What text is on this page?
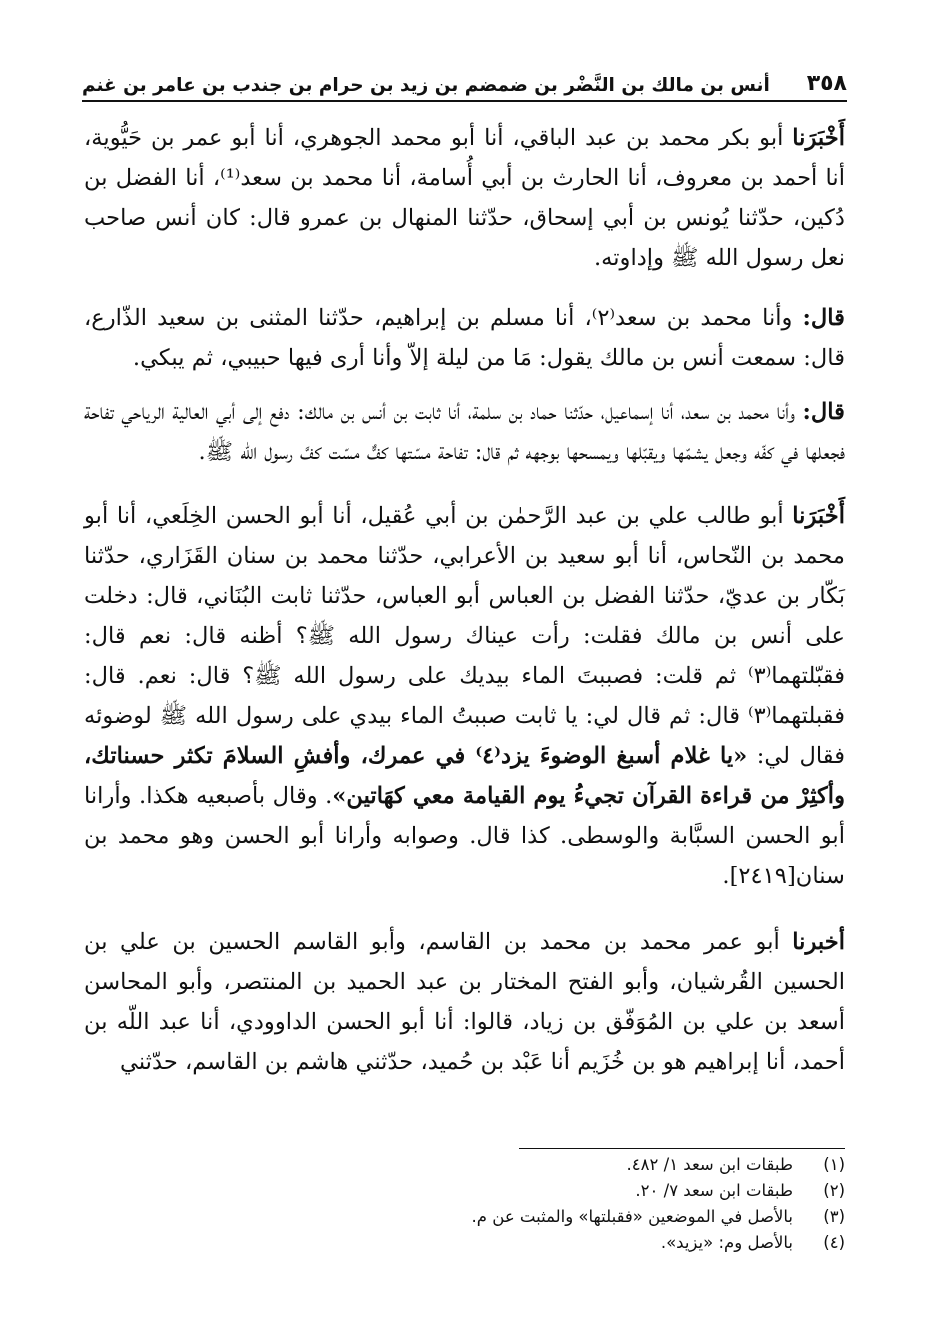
٣٥٨
أنس بن مالك بن النَّضْر بن ضمضم بن زيد بن حرام بن جندب بن عامر بن غنم

أَخْبَرَنا أبو بكر محمد بن عبد الباقي، أنا أبو محمد الجوهري، أنا أبو عمر بن حَيُّوية، أنا أحمد بن معروف، أنا الحارث بن أبي أُسامة، أنا محمد بن سعد⁽¹⁾، أنا الفضل بن دُكين، حدّثنا يُونس بن أبي إسحاق، حدّثنا المنهال بن عمرو قال: كان أنس صاحب نعل رسول الله ﷺ وإداوته.

قال: وأنا محمد بن سعد⁽٢⁾، أنا مسلم بن إبراهيم، حدّثنا المثنى بن سعيد الذّارع، قال: سمعت أنس بن مالك يقول: مَا من ليلة إلاّ وأنا أرى فيها حبيبي، ثم يبكي.

قال: وأنا محمد بن سعد، أنا إسماعيل، حدّثنا حماد بن سلمة، أنا ثابت بن أنس بن مالك: دفع إلى أبي العالية الرياحي تفاحة فجعلها في كفّه وجعل يشمّها ويقبّلها ويمسحها بوجهه ثم قال: تفاحة مسّتها كفٌّ مسّت كفَّ رسول الله ﷺ.

أَخْبَرَنا أبو طالب علي بن عبد الرَّحمٰن بن أبي عُقيل، أنا أبو الحسن الخِلَعي، أنا أبو محمد بن النّحاس، أنا أبو سعيد بن الأعرابي، حدّثنا محمد بن سنان القَزَاري، حدّثنا بَكّار بن عديّ، حدّثنا الفضل بن العباس أبو العباس، حدّثنا ثابت البُنَاني، قال: دخلت على أنس بن مالك فقلت: رأت عيناك رسول الله ﷺ؟ أظنه قال: نعم قال: فقبّلتهما⁽٣⁾ ثم قلت: فصببتَ الماء بيديك على رسول الله ﷺ؟ قال: نعم. قال: فقبلتهما⁽٣⁾ قال: ثم قال لي: يا ثابت صببتُ الماء بيدي على رسول الله ﷺ لوضوئه فقال لي: «يا غلام أسبغ الوضوءَ يزد⁽٤⁾ في عمرك، وأفشِ السلامَ تكثر حسناتك، وأكثِرْ من قراءة القرآن تجيءُ يوم القيامة معي كهَاتين». وقال بأصبعيه هكذا. وأرانا أبو الحسن السبَّابة والوسطى. كذا قال. وصوابه وأرانا أبو الحسن وهو محمد بن سنان[٢٤١٩].

أخبرنا أبو عمر محمد بن محمد بن القاسم، وأبو القاسم الحسين بن علي بن الحسين القُرشيان، وأبو الفتح المختار بن عبد الحميد بن المنتصر، وأبو المحاسن أسعد بن علي بن المُوَفّق بن زياد، قالوا: أنا أبو الحسن الداوودي، أنا عبد اللّه بن أحمد، أنا إبراهيم هو بن خُزَيم أنا عَبْد بن حُميد، حدّثني هاشم بن القاسم، حدّثني

(١)
طبقات ابن سعد ١/ ٤٨٢.
(٢)
طبقات ابن سعد ٧/ ٢٠.
(٣)
بالأصل في الموضعين «فقبلتها» والمثبت عن م.
(٤)
بالأصل وم: «يزيد».
